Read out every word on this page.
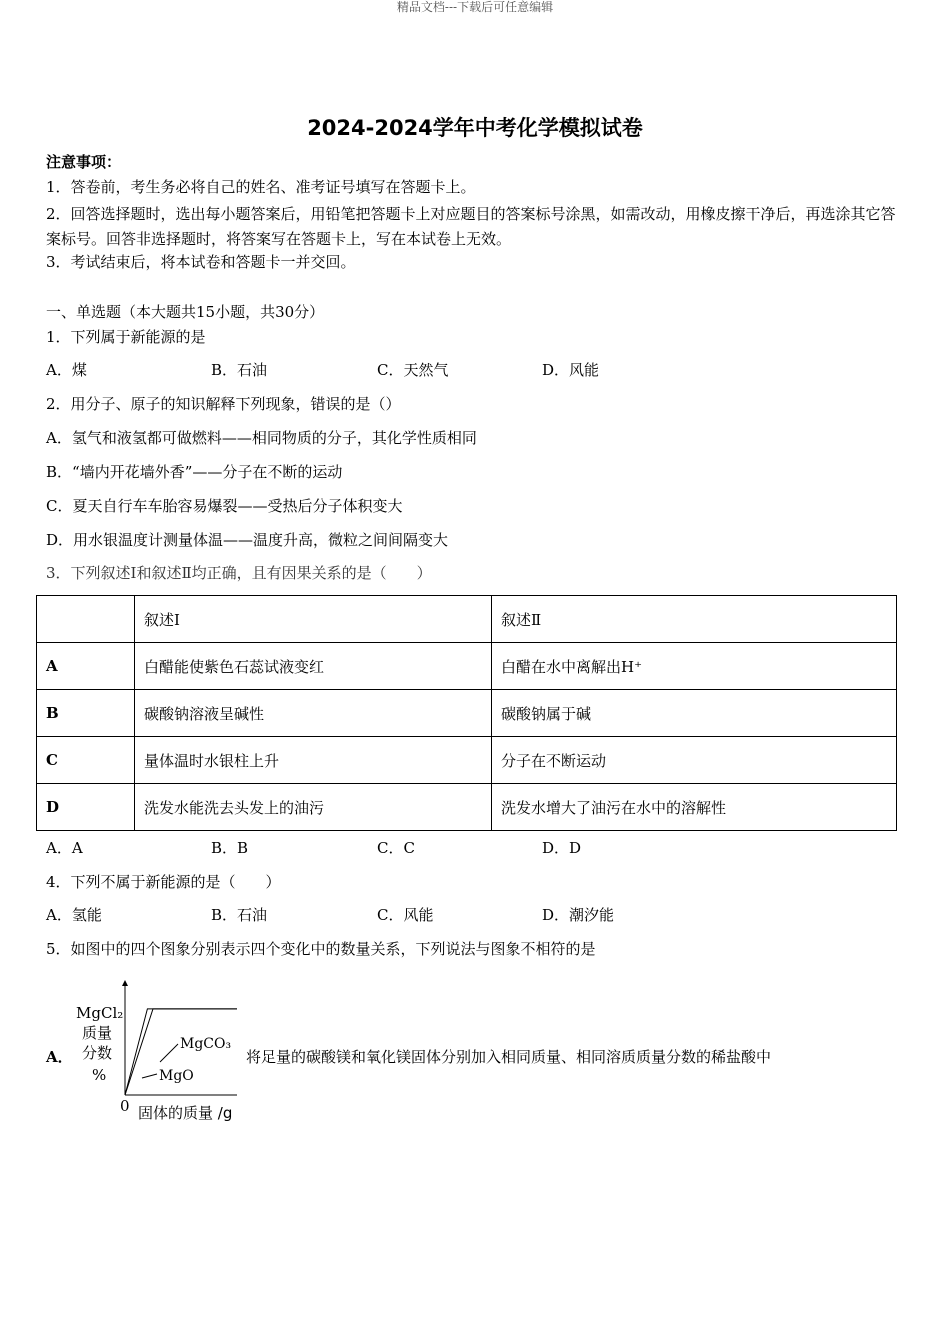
精品文档---下载后可任意编辑
2024-2024学年中考化学模拟试卷
注意事项：
1．答卷前，考生务必将自己的姓名、准考证号填写在答题卡上。
2．回答选择题时，选出每小题答案后，用铅笔把答题卡上对应题目的答案标号涂黑，如需改动，用橡皮擦干净后，再选涂其它答案标号。回答非选择题时，将答案写在答题卡上，写在本试卷上无效。
3．考试结束后，将本试卷和答题卡一并交回。
一、单选题（本大题共15小题，共30分）
1．下列属于新能源的是
A．煤	B．石油	C．天然气	D．风能
2．用分子、原子的知识解释下列现象，错误的是（）
A．氢气和液氢都可做燃料——相同物质的分子，其化学性质相同
B．“墙内开花墙外香”——分子在不断的运动
C．夏天自行车车胎容易爆裂——受热后分子体积变大
D．用水银温度计测量体温——温度升高，微粒之间间隔变大
3．下列叙述Ⅰ和叙述Ⅱ均正确，且有因果关系的是（　　）
	叙述Ⅰ	叙述Ⅱ
A	白醋能使紫色石蕊试液变红	白醋在水中离解出H⁺
B	碳酸钠溶液呈碱性	碳酸钠属于碱
C	量体温时水银柱上升	分子在不断运动
D	洗发水能洗去头发上的油污	洗发水增大了油污在水中的溶解性
A．A	B．B	C．C	D．D
4．下列不属于新能源的是（　　）
A．氢能	B．石油	C．风能	D．潮汐能
5．如图中的四个图象分别表示四个变化中的数量关系，下列说法与图象不相符的是
A．
MgCl₂
质量
分数
%
0 固体的质量 /g
MgCO₃
MgO
将足量的碳酸镁和氧化镁固体分别加入相同质量、相同溶质质量分数的稀盐酸中
